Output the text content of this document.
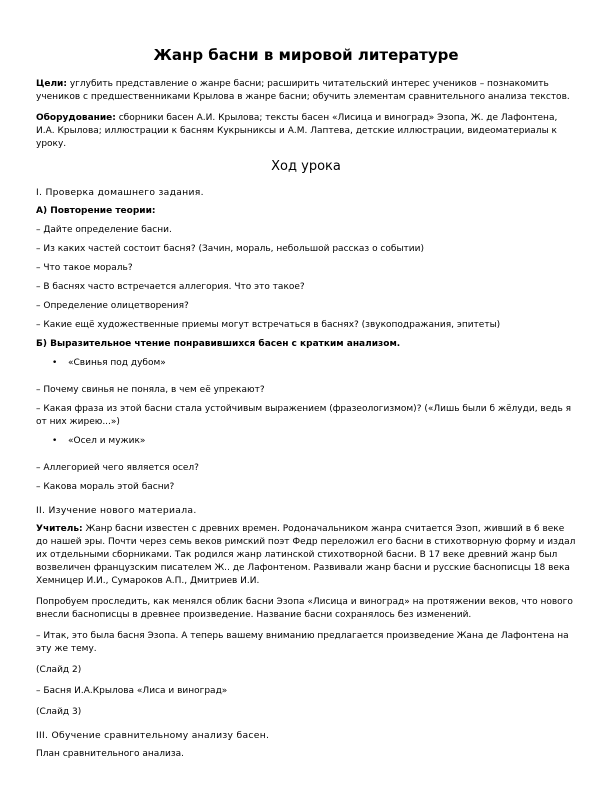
Жанр басни в мировой литературе
Цели: углубить представление о жанре басни; расширить читательский интерес учеников – познакомить учеников с предшественниками Крылова в жанре басни; обучить элементам сравнительного анализа текстов.
Оборудование: сборники басен А.И. Крылова; тексты басен «Лисица и виноград» Эзопа, Ж. де Лафонтена, И.А. Крылова; иллюстрации к басням Кукрыниксы и А.М. Лаптева, детские иллюстрации, видеоматериалы к уроку.
Ход урока
I. Проверка домашнего задания.
А) Повторение теории:
– Дайте определение басни.
– Из каких частей состоит басня? (Зачин, мораль, небольшой рассказ о событии)
– Что такое мораль?
– В баснях часто встречается аллегория. Что это такое?
– Определение олицетворения?
– Какие ещё художественные приемы могут встречаться в баснях? (звукоподражания, эпитеты)
Б) Выразительное чтение понравившихся басен с кратким анализом.
• «Свинья под дубом»
– Почему свинья не поняла, в чем её упрекают?
– Какая фраза из этой басни стала устойчивым выражением (фразеологизмом)? («Лишь были б жёлуди, ведь я от них жирею...»)
• «Осел и мужик»
– Аллегорией чего является осел?
– Какова мораль этой басни?
II. Изучение нового материала.
Учитель: Жанр басни известен с древних времен. Родоначальником жанра считается Эзоп, живший в 6 веке до нашей эры. Почти через семь веков римский поэт Федр переложил его басни в стихотворную форму и издал их отдельными сборниками. Так родился жанр латинской стихотворной басни. В 17 веке древний жанр был возвеличен французским писателем Ж.. де Лафонтеном. Развивали жанр басни и русские баснописцы 18 века Хемницер И.И., Сумароков А.П., Дмитриев И.И.
Попробуем проследить, как менялся облик басни Эзопа «Лисица и виноград» на протяжении веков, что нового внесли баснописцы в древнее произведение. Название басни сохранялось без изменений.
– Итак, это была басня Эзопа. А теперь вашему вниманию предлагается произведение Жана де Лафонтена на эту же тему.
(Слайд 2)
– Басня И.А.Крылова «Лиса и виноград»
(Слайд 3)
III. Обучение сравнительному анализу басен.
План сравнительного анализа.
